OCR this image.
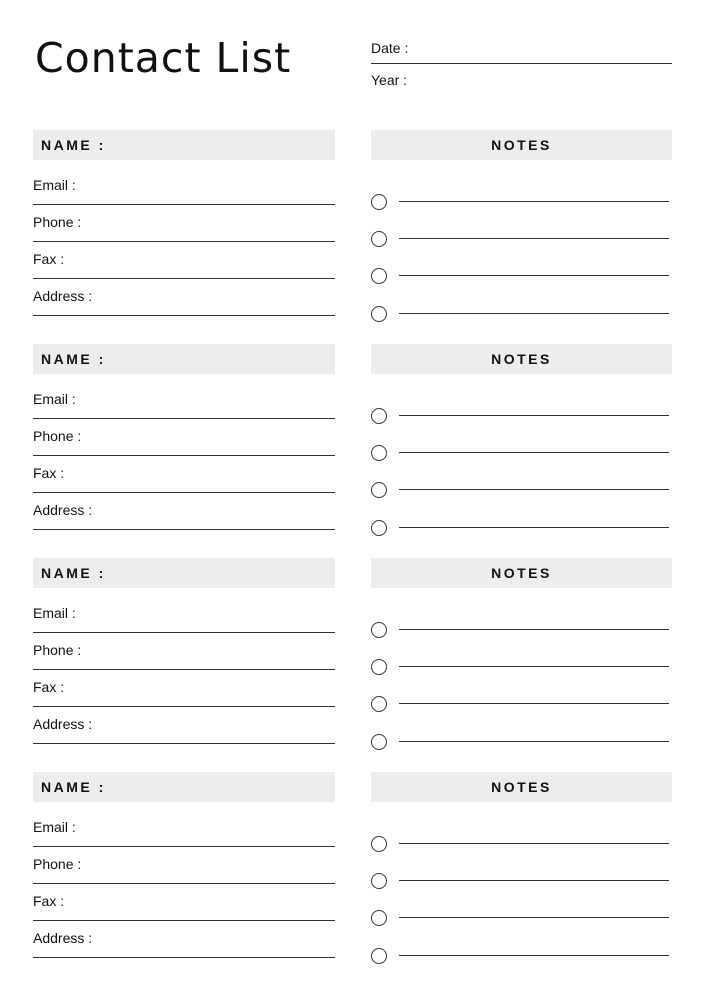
Contact List	Date :
Year :
NAME :	NOTES
Email :
Phone :
Fax :
Address :
NAME :	NOTES
Email :
Phone :
Fax :
Address :
NAME :	NOTES
Email :
Phone :
Fax :
Address :
NAME :	NOTES
Email :
Phone :
Fax :
Address :
